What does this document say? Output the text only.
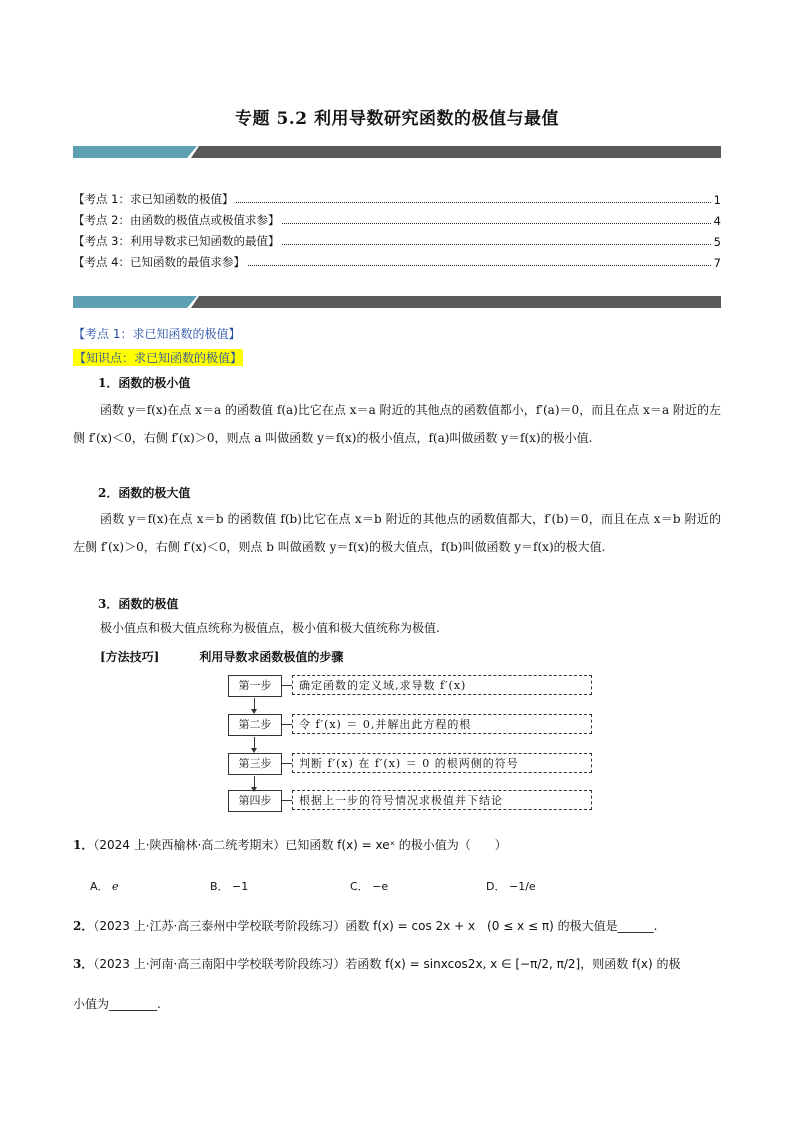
专题 5.2 利用导数研究函数的极值与最值
【考点 1：求已知函数的极值】	1
【考点 2：由函数的极值点或极值求参】	4
【考点 3：利用导数求已知函数的最值】	5
【考点 4：已知函数的最值求参】	7
【考点 1：求已知函数的极值】
【知识点：求已知函数的极值】
1．函数的极小值
函数 y＝f(x)在点 x＝a 的函数值 f(a)比它在点 x＝a 附近的其他点的函数值都小，f′(a)＝0，而且在点 x＝a 附近的左侧 f′(x)＜0，右侧 f′(x)＞0，则点 a 叫做函数 y＝f(x)的极小值点，f(a)叫做函数 y＝f(x)的极小值.
2．函数的极大值
函数 y＝f(x)在点 x＝b 的函数值 f(b)比它在点 x＝b 附近的其他点的函数值都大，f′(b)＝0，而且在点 x＝b 附近的左侧 f′(x)＞0，右侧 f′(x)＜0，则点 b 叫做函数 y＝f(x)的极大值点，f(b)叫做函数 y＝f(x)的极大值.
3．函数的极值
极小值点和极大值点统称为极值点，极小值和极大值统称为极值.
[方法技巧]	利用导数求函数极值的步骤
第一步	确定函数的定义域,求导数 f′(x)
第二步	令 f′(x) ＝ 0,并解出此方程的根
第三步	判断 f′(x) 在 f′(x) ＝ 0 的根两侧的符号
第四步	根据上一步的符号情况求极值并下结论
1．（2024 上·陕西榆林·高二统考期末）已知函数 f(x) = xeˣ 的极小值为（　　）
A． e	B． −1	C． −e	D． −1/e
2．（2023 上·江苏·高三泰州中学校联考阶段练习）函数 f(x) = cos 2x + x　(0 ≤ x ≤ π) 的极大值是______.
3．（2023 上·河南·高三南阳中学校联考阶段练习）若函数 f(x) = sinxcos2x, x ∈ [−π/2, π/2]，则函数 f(x) 的极
小值为________.
